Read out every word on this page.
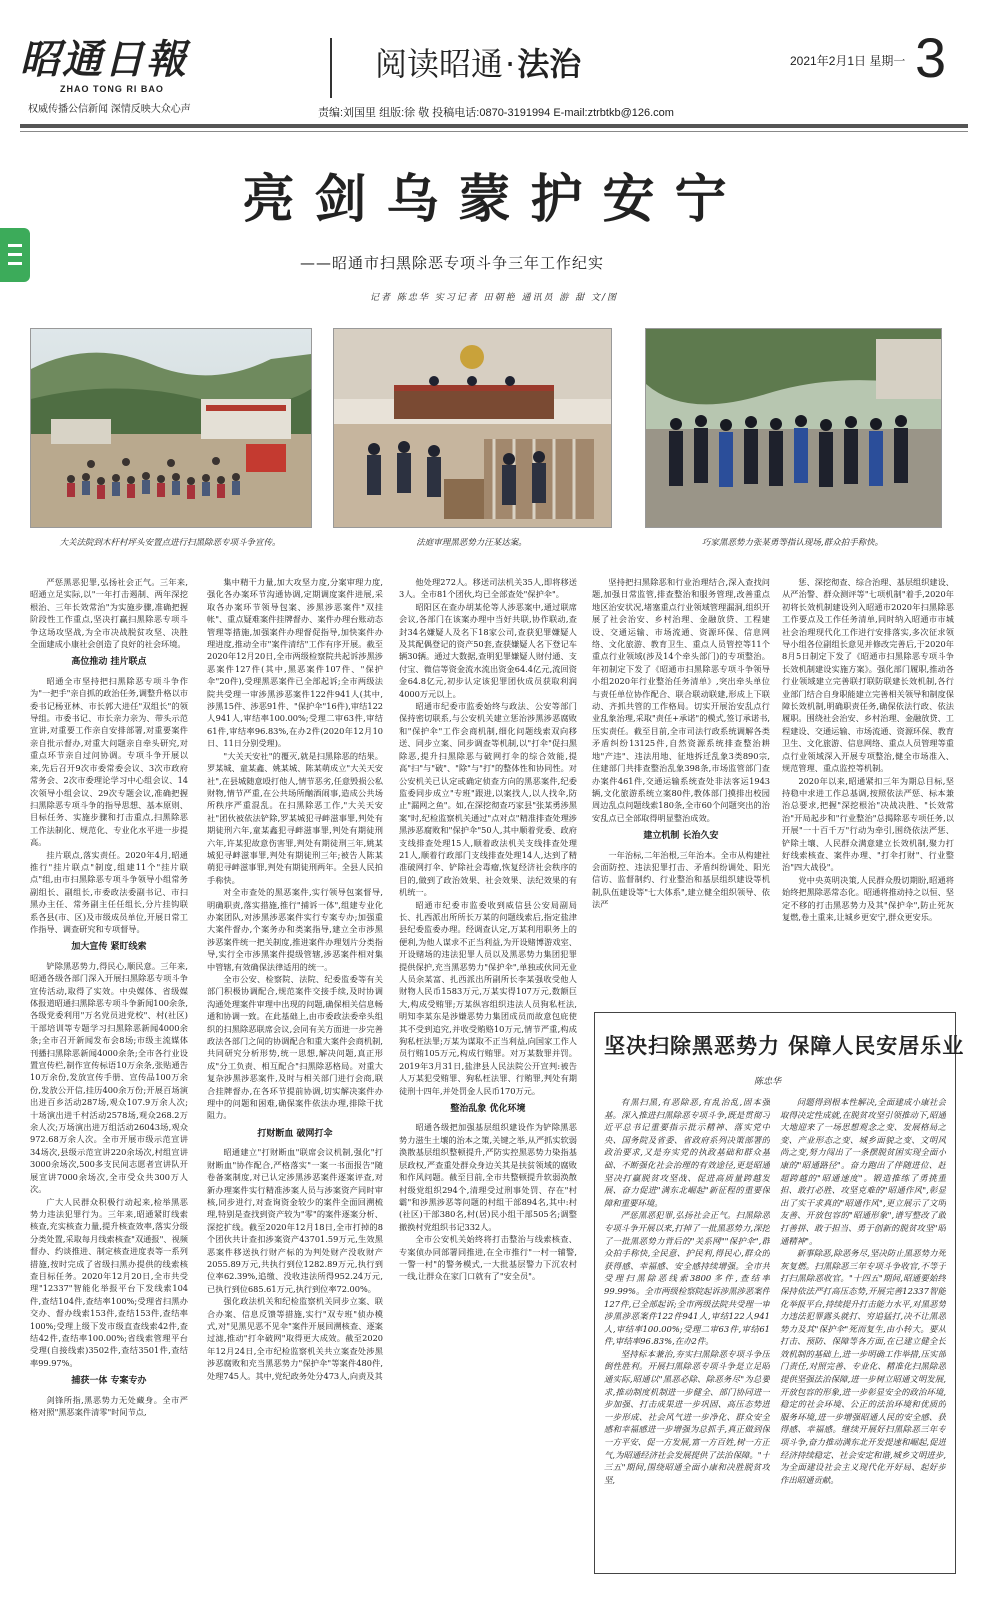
昭通日報
ZHAO TONG RI BAO
权威传播公信新闻 深情反映大众心声
阅读昭通·法治	2021年2月1日 星期一 3
责编:刘国里 组版:徐 敬 投稿电话:0870-3191994 E-mail:ztrbtkb@126.com
亮剑乌蒙护安宁
——昭通市扫黑除恶专项斗争三年工作纪实
记者 陈忠华 实习记者 田朝艳 通讯员 游 甜 文/图
大关法院到木杆村坪头安置点进行扫黑除恶专项斗争宣传。	法庭审理黑恶势力汪某达案。	巧家黑恶势力张某勇等指认现场,群众拍手称快。

严惩黑恶犯罪,弘扬社会正气。三年来,昭通立足实际,以"一年打击遏制、两年深挖根治、三年长效常治"为实施步骤,准确把握阶段性工作重点,坚决打赢扫黑除恶专项斗争这场攻坚战,为全市决战脱贫攻坚、决胜全面建成小康社会创造了良好的社会环境。

高位推动 挂片联点

昭通全市坚持把扫黑除恶专项斗争作为"一把手"亲自抓的政治任务,调整升格以市委书记杨亚林、市长郭大进任"双组长"的领导组。市委书记、市长亲力亲为、带头示范宣讲,对重要工作亲自安排部署,对重要案件亲自批示督办,对重大问题亲自牵头研究,对重点环节亲自过问协调。专项斗争开展以来,先后召开9次市委常委会议、3次市政府常务会、2次市委理论学习中心组会议、14次领导小组会议、29次专题会议,准确把握扫黑除恶专项斗争的指导思想、基本原则、目标任务、实施步骤和打击重点,扫黑除恶工作法制化、规范化、专业化水平进一步提高。

挂片联点,落实责任。2020年4月,昭通推行"挂片联点"制度,组建11个"挂片联点"组,由市扫黑除恶专项斗争领导小组常务副组长、副组长,市委政法委副书记、市扫黑办主任、常务副主任任组长,分片挂钩联系各县(市、区)及市级成员单位,开展日常工作指导、调查研究和专项督导。

加大宣传 紧盯线索

铲除黑恶势力,得民心,顺民意。三年来,昭通各级各部门深入开展扫黑除恶专项斗争宣传活动,取得了实效。中央媒体、省级媒体报道昭通扫黑除恶专项斗争新闻100余条,各级党委利用"万名党员进党校"、村(社区)干部培训等专题学习扫黑除恶新闻4000余条;全市召开新闻发布会8场;市级主流媒体刊播扫黑除恶新闻4000余条;全市各行业设置宣传栏,制作宣传标语10万余条,张贴通告10万余份,发放宣传手册、宣传品100万余份,发放公开信,挂历400余万份;开展百场演出进百乡活动287场,观众107.9万余人次;十场演出进千村活动2578场,观众268.2万余人次;万场演出进万组活动26043场,观众972.68万余人次。全市开展市级示范宣讲34场次,县级示范宣讲220余场次,村组宣讲3000余场次,500多支民间志愿者宣讲队开展宣讲7000余场次,全市受众共300万人次。

广大人民群众积极行动起来,检举黑恶势力违法犯罪行为。三年来,昭通紧盯线索核查,充实核查力量,提升核查效率,落实分级分类处置,采取每月线索核查"双通报"、视频督办、约谈推进、制定核查进度表等一系列措施,按时完成了省级扫黑办提供的线索核查目标任务。2020年12月20日,全市共受理"12337"智能化举报平台下发线索104件,查结104件,查结率100%;受理省扫黑办交办、督办线索153件,查结153件,查结率100%;受理上级下发市级直查线索42件,查结42件,查结率100.00%;省线索管理平台受理(自接线索)3502件,查结3501件,查结率99.97%。

捕获一体 专案专办

剑锋所指,黑恶势力无处藏身。全市严格对照"黑恶案件清零"时间节点,

集中精干力量,加大攻坚力度,分案审理力度,强化各办案环节沟通协调,定期调度案件进展,采取各办案环节领导包案、涉黑涉恶案件"双挂帐"、重点疑难案件挂牌督办、案件办理台账动态管理等措施,加强案件办理督促指导,加快案件办理进度,推动全市"案件清结"工作有序开展。截至2020年12月20日,全市两级检察院共起诉涉黑涉恶案件127件(其中,黑恶案件107件、"保护伞"20件),受理黑恶案件已全部起诉;全市两级法院共受理一审涉黑涉恶案件122件941人(其中,涉黑15件、涉恶91件、"保护伞"16件),审结122人941人,审结率100.00%;受理二审63件,审结61件,审结率96.83%,在办2件(2020年12月10日、11日分别受理)。

"大关天安社"的覆灭,就是扫黑除恶的结果。罗某城、童某鑫、姚某城、陈某萌成立"大关天安社",在县城随意殴打他人,情节恶劣,任意毁损公私财物,情节严重,在公共场所酗酒闹事,造成公共场所秩序严重混乱。在扫黑除恶工作,"大关天安社"团伙被依法铲除,罗某城犯寻衅滋事罪,判处有期徒刑六年,童某鑫犯寻衅滋事罪,判处有期徒刑六年,许某犯故意伤害罪,判处有期徒刑三年,姚某城犯寻衅滋事罪,判处有期徒刑三年;被告人陈某萌犯寻衅滋事罪,判处有期徒刑两年。全县人民拍手称快。

对全市查处的黑恶案件,实行领导包案督导,明确职责,落实措施,推行"捕诉一体",组建专业化办案团队,对涉黑涉恶案件实行专案专办;加强重大案件督办,个案务办和类案指导,建立全市涉黑涉恶案件统一把关制度,推进案件办理划片分类指导,实行全市涉黑案件提级管辖,涉恶案件相对集中管辖,有效确保法律适用的统一。

全市公安、检察院、法院、纪委监委等有关部门积极协调配合,规范案件交接手续,及时协调沟通处理案件审理中出现的问题,确保相关信息畅通和协调一致。在此基础上,由市委政法委牵头组织的扫黑除恶联席会议,会同有关方面进一步完善政法各部门之间的协调配合和重大案件会商机制,共同研究分析形势,统一思想,解决问题,真正形成"分工负责、相互配合"扫黑除恶格局。对重大复杂涉黑涉恶案件,及时与相关部门进行会商,联合挂牌督办,在各环节提前协调,切实解决案件办理中的问题和困难,确保案件依法办理,排除干扰阻力。

打财断血 破网打伞

昭通建立"打财断血"联席会议机制,强化"打财断血"协作配合,严格落实"一案一书面报告"随卷备案制度,对已认定涉黑涉恶案件逐案评查,对新办理案件实行精准涉案人员与涉案资产同时审核,同步进行,对查询资金较少的案件全面回溯梳理,特别是查找到资产较为"零"的案件逐案分析、深挖扩线。截至2020年12月18日,全市打掉的8个团伙共计查扣涉案资产43701.59万元,生效黑恶案件移送执行财产标的为判处财产没收财产2055.89万元,共执行到位1282.89万元,执行到位率62.39%,追缴、没收违法所得952.24万元,已执行到位685.61万元,执行到位率72.00%。

强化政法机关和纪检监察机关同步立案、联合办案、信息反馈等措施,实行"双专班"侦办模式,对"见黑见恶不见伞"案件开展回溯核查、逐案过滤,推动"打伞破网"取得更大成效。截至2020年12月24日,全市纪检监察机关共立案查处涉黑涉恶腐败和充当黑恶势力"保护伞"等案件480件,处理745人。其中,党纪政务处分473人,向责及其

他处理272人。移送司法机关35人,即将移送3人。全市81个团伙,均已全部查处"保护伞"。

昭阳区在查办胡某伦等人涉恶案中,通过联席会议,各部门在该案办理中当好共联,协作联动,查封34名嫌疑人及名下18家公司,查获犯罪嫌疑人及其配偶登记的资产50套,查获嫌疑人名下登记车辆30辆。通过大数据,查明犯罪嫌疑人财付通、支付宝、微信等资金流水流出资金64.4亿元,流回资金64.8亿元,初步认定该犯罪团伙成员获取利润4000万元以上。

昭通市纪委市监委始终与政法、公安等部门保持密切联系,与公安机关建立惩治涉黑涉恶腐败和"保护伞"工作会商机制,细化问题线索双向移送、同步立案、同步调查等机制,以"打伞"促扫黑除恶,提升扫黑除恶与破网打伞的综合效能,提高"扫"与"破"、"除"与"打"的整体性和协同性。对公安机关已认定或确定侦查方向的黑恶案件,纪委监委同步成立"专班"跟进,以案找人,以人找伞,防止"漏网之鱼"。如,在深挖彻查巧家县"张某勇涉黑案"时,纪检监察机关通过"点对点"精准排查处理涉黑涉恶腐败和"保护伞"50人,其中顺着党委、政府支线排查处理15人,顺着政法机关支线排查处理21人,顺着行政部门支线排查处理14人,达到了精准破网打伞、铲除社会毒瘤,恢复经济社会秩序的目的,做到了政治效果、社会效果、法纪效果的有机统一。

昭通市纪委市监委收到威信县公安局副局长、扎西派出所所长万某的问题线索后,指定盐津县纪委监委办理。经调查认定,万某利用职务上的便利,为他人谋求不正当利益,为开设赌博游戏室、开设赌场的违法犯罪人员以及黑恶势力集团犯罪提供保护,充当黑恶势力"保护伞",单独或伙同无业人员余某富、扎西派出所副所长李某强收受他人财物人民币1583万元,万某实得107万元,数额巨大,构成受贿罪;万某纵容组织违法人员狗私枉法,明知李某东是涉嫌恶势力集团成员而故意包庇使其不受到追究,并收受贿赂10万元,情节严重,构成狗私枉法罪;万某为谋取不正当利益,向国家工作人员行贿105万元,构成行贿罪。对万某数罪并罚。2019年3月31日,盐津县人民法院公开宣判:被告人万某犯受贿罪、狗私枉法罪、行贿罪,判处有期徒刑十四年,并处罚金人民币170万元。

整治乱象 优化环境

昭通各级把加强基层组织建设作为铲除黑恶势力滋生土壤的治本之策,关键之举,从严抓实软弱涣散基层组织整顿提升,严防实控黑恶势力染指基层政权,严查重处群众身边关其是扶贫领域的腐败和作风问题。截至目前,全市共整顿提升软弱涣散村级党组织294个,清理受过刑事处罚、存在"村霸"和涉黑涉恶等问题的村组干部894名,其中:村(社区)干部380名,村(居)民小组干部505名;调整撤换村党组织书记332人。

全市公安机关始终将打击整治与线索核查、专案侦办同部署同推进,在全市推行"一村一辅警,一警一村"的警务模式,一大批基层警力下沉农村一线,让群众在家门口就有了"安全员"。

坚持把扫黑除恶和行业治理结合,深入查找问题,加强日常监管,排查整治和服务管理,改善重点地区治安状况,堵塞重点行业领域管理漏洞,组织开展了社会治安、乡村治理、金融放贷、工程建设、交通运输、市场流通、资源环保、信息网络、文化旅游、教育卫生、重点人员管控等11个重点行业领域(涉及14个牵头部门)的专项整治。年初制定下发了《昭通市扫黑除恶专项斗争领导小组2020年行业整治任务清单》,突出牵头单位与责任单位协作配合、联合联动联建,形成上下联动、齐抓共管的工作格局。切实开展治安乱点行业乱象治理,采取"责任+承诺"的模式,签订承诺书,压实责任。截至目前,全市司法行政系统调解各类矛盾纠纷13125件,自然资源系统排查整治耕地"产违"、违法用地、征地拆迁乱象3类890宗,住建部门共排查整治乱象398条,市场监管部门查办案件461件,交通运输系统查处非法客运1943辆,文化旅游系统立案80件,教体部门摸排出校园周边乱点问题线索180条,全市60个问题突出的治安乱点已全部取得明显整治成效。

建立机制 长治久安

一年治标,二年治根,三年治本。全市从构建社会面防控、违法犯罪打击、矛盾纠纷调处、阳光信访、监督制约、行业整治和基层组织建设等机制,队伍建设等"七大体系",建立健全组织领导、依法严

惩、深挖彻查、综合治理、基层组织建设、从严治警、群众测评等"七项机制"着手,2020年初将长效机制建设列入昭通市2020年扫黑除恶工作要点及工作任务清单,同时纳入昭通市市城社会治理现代化工作进行安排落实,多次征求领导小组各位副组长意见并修改完善后,于2020年8月5日制定下发了《昭通市扫黑除恶专项斗争长效机制建设实施方案》。强化部门履职,推动各行业领域建立完善联打联防联建长效机制,各行业部门结合自身职能建立完善相关领导和制度保障长效机制,明确职责任务,确保依法行政、依法履职。围绕社会治安、乡村治理、金融放贷、工程建设、交通运输、市场流通、资源环保、教育卫生、文化旅游、信息网络、重点人员管理等重点行业领域深入开展专项整治,健全市场准入、规范管理、重点监控等机制。

2020年以来,昭通紧扣三年为期总目标,坚持稳中求进工作总基调,按照依法严惩、标本兼治总要求,把握"深挖根治"决战决胜、"长效常治"开局起步和"行业整治"总揭除恶专项任务,以开展"一十百千万"行动为牵引,围绕依法严惩、铲除土壤、人民群众满意建立长效机制,聚力打好线索核查、案件办理、"打伞打财"、行业整治"四大战役"。

党中央英明决策,人民群众殷切期盼,昭通将始终把黑除恶常态化。昭通将推动持之以恒、坚定不移的打击黑恶势力及其"保护伞",防止死灰复燃,卷土重来,让城乡更安宁,群众更安乐。

坚决扫除黑恶势力 保障人民安居乐业
陈忠华

有黑扫黑,有恶除恶,有乱治乱,固本强基。深入推进扫黑除恶专项斗争,既是贯彻习近平总书记重要指示批示精神、落实党中央、国务院及省委、省政府系列决策部署的政治要求,又是夯实党的执政基础和群众基础、不断强化社会治理的有效途径,更是昭通坚决打赢脱贫攻坚战、促进高质量跨越发展、奋力促进"满东北崛起"新征程的重要保障和重要环境。

严惩黑恶犯罪,弘扬社会正气。扫黑除恶专项斗争开展以来,打掉了一批黑恶势力,深挖了一批黑恶势力背后的"关系网""保护伞",群众拍手称快,全民意、护民利,得民心,群众的获得感、幸福感、安全感持续增强。全市共受理扫黑除恶线索3800多件,查结率99.99%。全市两级检察院起诉涉黑涉恶案件127件,已全部起诉;全市两级法院共受理一审涉黑涉恶案件122件941人,审结122人941人,审结率100.00%;受理二审63件,审结61件,审结率96.83%,在办2件。

坚持标本兼治,夯实扫黑除恶专项斗争压倒性胜利。开展扫黑除恶专项斗争是立足昭通实际,昭通以"黑恶必除、除恶务尽"为总要求,推动制度机制进一步健全、部门协同进一步加强、打击成果进一步巩固、高压态势进一步形成、社会风气进一步净化、群众安全感和幸福感进一步增强为总抓手,真正做到保一方平安、促一方发展,富一方百姓,树一方正气,为昭通经济社会发展提供了法治保障。"十三五"期间,围绕昭通全面小康和决胜脱贫攻坚,

问题得到根本性解决,全面建成小康社会取得决定性成就,在脱贫攻坚引领推动下,昭通大地迎来了一场思想观念之变、发展格局之变、产业形态之变、城乡面貌之变、文明风尚之变,努力闯出了一条摆脱贫困实现全面小康的"昭通路径"。奋力跑出了伴随进位、赶超跨越的"昭通速度"。锻造推练了勇挑重担、敢打必胜、攻坚克难的"昭通作风",彰显出了实干求真的"昭通作风",更立展示了文明友善、开放包容的"昭通形象",谱写整改了敢打善拼、敢于担当、勇于创新的脱贫攻坚"昭通精神"。

新事除恶,除恶务尽,坚决防止黑恶势力死灰复燃。扫黑除恶三年专项斗争收官,不等于打扫黑除恶收官。"十四五"期间,昭通要始终保持依法严打高压态势,开展完善12337智能化举报平台,持续提升打击能力水平,对黑恶势力违法犯罪露头就打、穷追猛打,决不让黑恶势力及其"保护伞"死而复生,由小转大。要从打击、预防、保障等各方面,在已建立健全长效机制的基础上,进一步明确工作举措,压实部门责任,对照完善、专业化、精准化扫黑除恶提供坚强法治保障,进一步树立昭通文明发展,开放包容的形象,进一步彰显安全的政治环境,稳定的社会环境、公正的法治环境和优质的服务环境,进一步增强昭通人民的安全感、获得感、幸福感。继续开展好扫黑除恶三年专项斗争,奋力推动满东北开发提速和崛起,促进经济持续稳定、社会安定和谐,城乡文明进步,为全面建设社会主义现代化开好局、起好步作出昭通贡献。
